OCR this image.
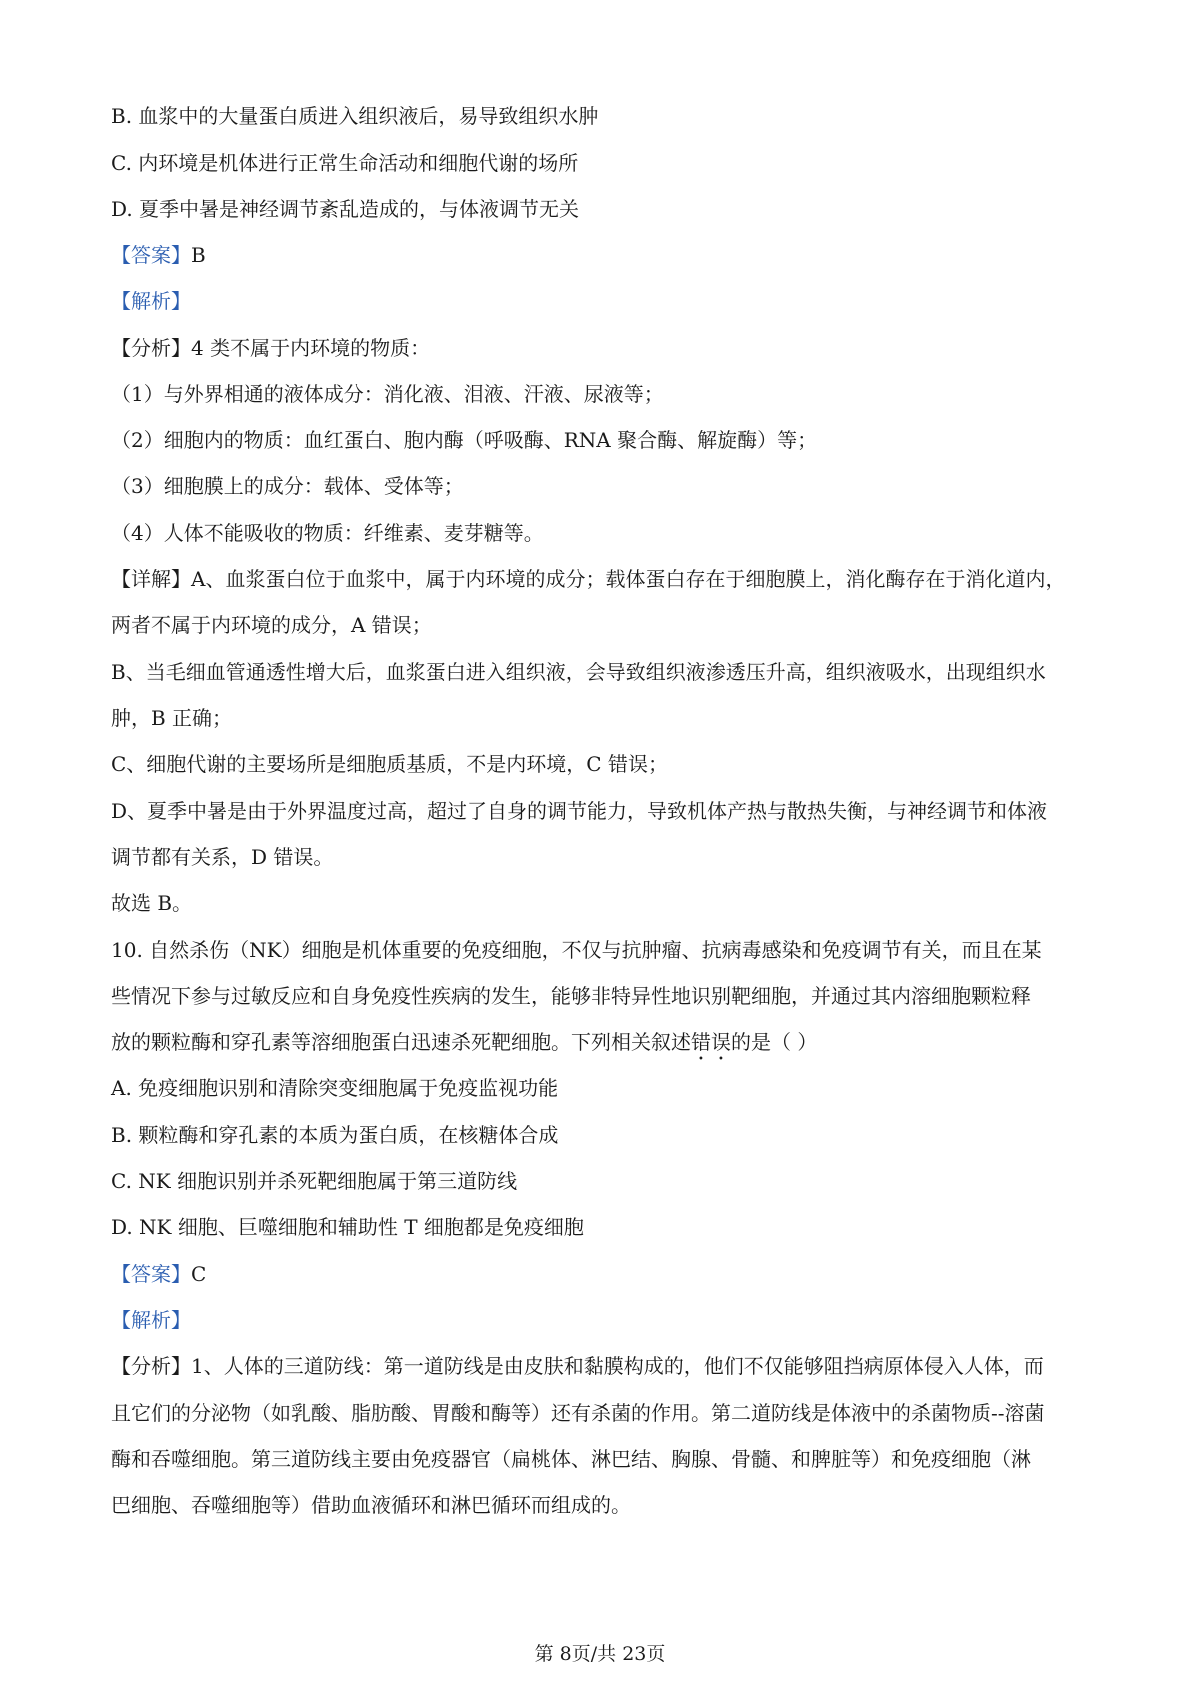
B. 血浆中的大量蛋白质进入组织液后，易导致组织水肿
C. 内环境是机体进行正常生命活动和细胞代谢的场所
D. 夏季中暑是神经调节紊乱造成的，与体液调节无关
【答案】B
【解析】
【分析】4 类不属于内环境的物质：
（1）与外界相通的液体成分：消化液、泪液、汗液、尿液等；
（2）细胞内的物质：血红蛋白、胞内酶（呼吸酶、RNA 聚合酶、解旋酶）等；
（3）细胞膜上的成分：载体、受体等；
（4）人体不能吸收的物质：纤维素、麦芽糖等。
【详解】A、血浆蛋白位于血浆中，属于内环境的成分；载体蛋白存在于细胞膜上，消化酶存在于消化道内，
两者不属于内环境的成分，A 错误；
B、当毛细血管通透性增大后，血浆蛋白进入组织液，会导致组织液渗透压升高，组织液吸水，出现组织水
肿，B 正确；
C、细胞代谢的主要场所是细胞质基质，不是内环境，C 错误；
D、夏季中暑是由于外界温度过高，超过了自身的调节能力，导致机体产热与散热失衡，与神经调节和体液
调节都有关系，D 错误。
故选 B。
10. 自然杀伤（NK）细胞是机体重要的免疫细胞，不仅与抗肿瘤、抗病毒感染和免疫调节有关，而且在某
些情况下参与过敏反应和自身免疫性疾病的发生，能够非特异性地识别靶细胞，并通过其内溶细胞颗粒释
放的颗粒酶和穿孔素等溶细胞蛋白迅速杀死靶细胞。下列相关叙述错误的是（ ）
A. 免疫细胞识别和清除突变细胞属于免疫监视功能
B. 颗粒酶和穿孔素的本质为蛋白质，在核糖体合成
C. NK 细胞识别并杀死靶细胞属于第三道防线
D. NK 细胞、巨噬细胞和辅助性 T 细胞都是免疫细胞
【答案】C
【解析】
【分析】1、人体的三道防线：第一道防线是由皮肤和黏膜构成的，他们不仅能够阻挡病原体侵入人体，而
且它们的分泌物（如乳酸、脂肪酸、胃酸和酶等）还有杀菌的作用。第二道防线是体液中的杀菌物质--溶菌
酶和吞噬细胞。第三道防线主要由免疫器官（扁桃体、淋巴结、胸腺、骨髓、和脾脏等）和免疫细胞（淋
巴细胞、吞噬细胞等）借助血液循环和淋巴循环而组成的。
第 8页/共 23页
